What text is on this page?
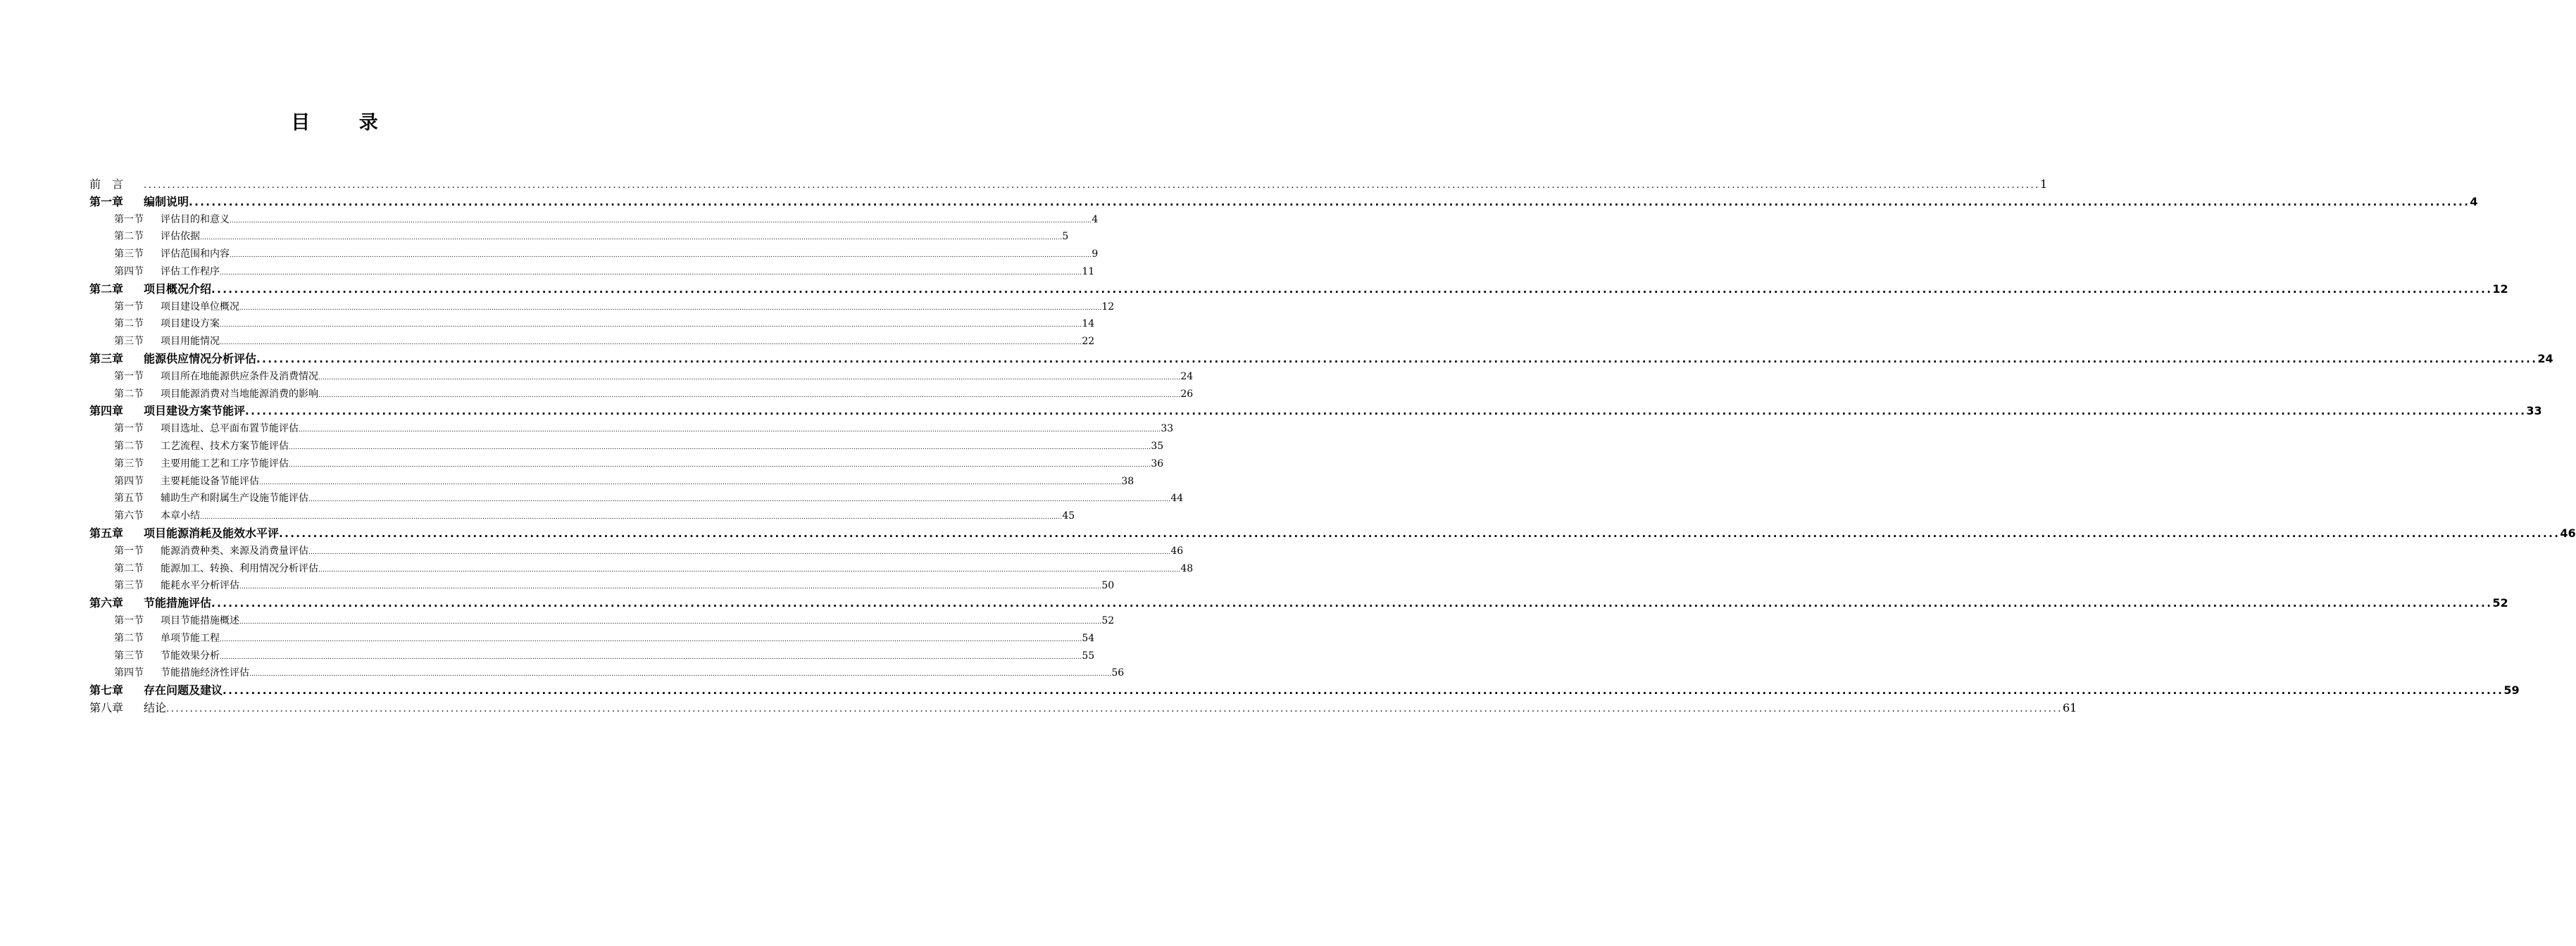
目 录
前　言	................................................................................................................................................................................................................................................................................................................................................................................................................ 1
第一章	编制说明 ................................................................................................................................................................................................................................................................................................................................................................................................................ 4
第一节	评估目的和意义 ................................................................................................................................................................................................................................................................................................................................................................................................................ 4
第二节	评估依据 ................................................................................................................................................................................................................................................................................................................................................................................................................ 5
第三节	评估范围和内容 ................................................................................................................................................................................................................................................................................................................................................................................................................ 9
第四节	评估工作程序 ................................................................................................................................................................................................................................................................................................................................................................................................................ 11
第二章	项目概况介绍 ................................................................................................................................................................................................................................................................................................................................................................................................................ 12
第一节	项目建设单位概况 ................................................................................................................................................................................................................................................................................................................................................................................................................ 12
第二节	项目建设方案 ................................................................................................................................................................................................................................................................................................................................................................................................................ 14
第三节	项目用能情况 ................................................................................................................................................................................................................................................................................................................................................................................................................ 22
第三章	能源供应情况分析评估 ................................................................................................................................................................................................................................................................................................................................................................................................................ 24
第一节	项目所在地能源供应条件及消费情况 ................................................................................................................................................................................................................................................................................................................................................................................................................ 24
第二节	项目能源消费对当地能源消费的影响 ................................................................................................................................................................................................................................................................................................................................................................................................................ 26
第四章	项目建设方案节能评 ................................................................................................................................................................................................................................................................................................................................................................................................................ 33
第一节	项目选址、总平面布置节能评估 ................................................................................................................................................................................................................................................................................................................................................................................................................ 33
第二节	工艺流程、技术方案节能评估 ................................................................................................................................................................................................................................................................................................................................................................................................................ 35
第三节	主要用能工艺和工序节能评估 ................................................................................................................................................................................................................................................................................................................................................................................................................ 36
第四节	主要耗能设备节能评估 ................................................................................................................................................................................................................................................................................................................................................................................................................ 38
第五节	辅助生产和附属生产设施节能评估 ................................................................................................................................................................................................................................................................................................................................................................................................................ 44
第六节	本章小结 ................................................................................................................................................................................................................................................................................................................................................................................................................ 45
第五章	项目能源消耗及能效水平评 ................................................................................................................................................................................................................................................................................................................................................................................................................ 46
第一节	能源消费种类、来源及消费量评估 ................................................................................................................................................................................................................................................................................................................................................................................................................ 46
第二节	能源加工、转换、利用情况分析评估 ................................................................................................................................................................................................................................................................................................................................................................................................................ 48
第三节	能耗水平分析评估 ................................................................................................................................................................................................................................................................................................................................................................................................................ 50
第六章	节能措施评估 ................................................................................................................................................................................................................................................................................................................................................................................................................ 52
第一节	项目节能措施概述 ................................................................................................................................................................................................................................................................................................................................................................................................................ 52
第二节	单项节能工程 ................................................................................................................................................................................................................................................................................................................................................................................................................ 54
第三节	节能效果分析 ................................................................................................................................................................................................................................................................................................................................................................................................................ 55
第四节	节能措施经济性评估 ................................................................................................................................................................................................................................................................................................................................................................................................................ 56
第七章	存在问题及建议 ................................................................................................................................................................................................................................................................................................................................................................................................................ 59
第八章	结论 ................................................................................................................................................................................................................................................................................................................................................................................................................ 61
